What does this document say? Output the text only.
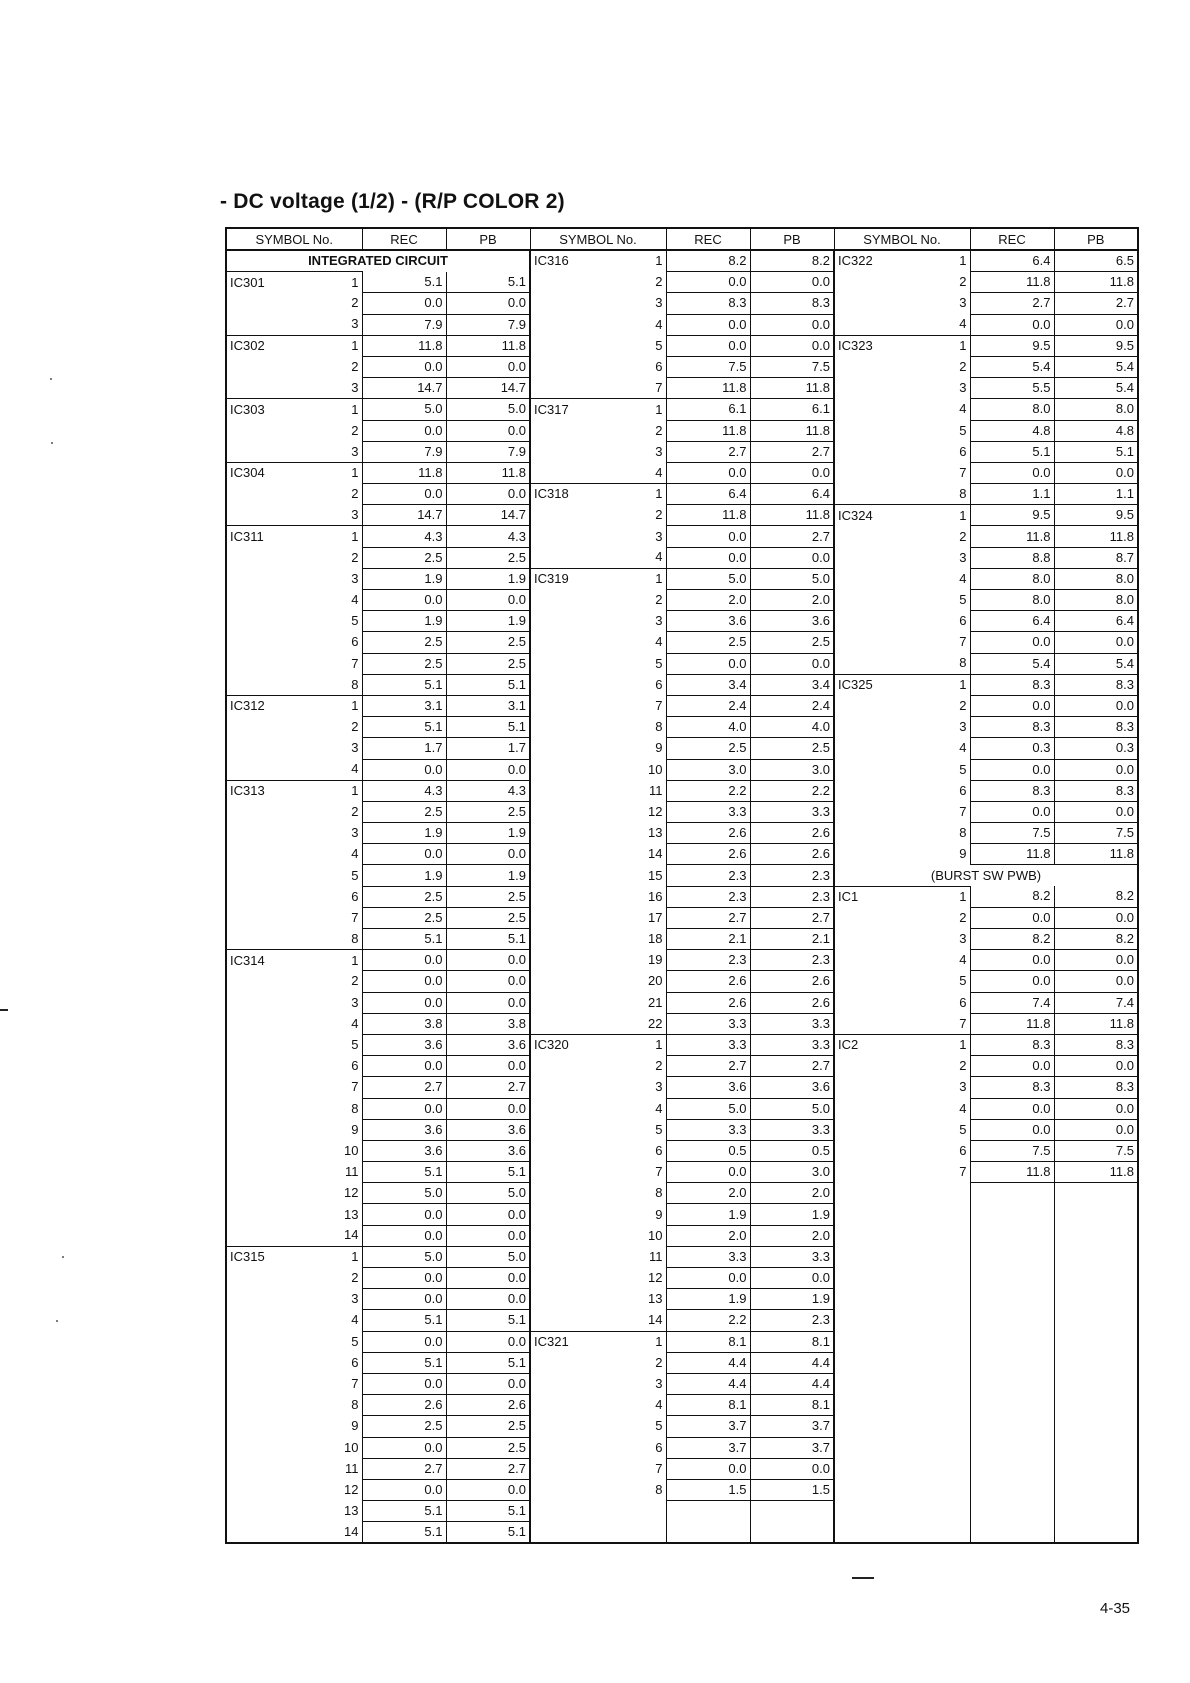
- DC voltage (1/2) - (R/P COLOR 2)
SYMBOL No.	REC	PB	SYMBOL No.	REC	PB	SYMBOL No.	REC	PB
INTEGRATED CIRCUIT			IC316 1	8.2	8.2	IC322 1	6.4	6.5

IC301 1	5.1	5.1	2	0.0	0.0	2	11.8	11.8
2	0.0	0.0	3	8.3	8.3	3	2.7	2.7
3	7.9	7.9	4	0.0	0.0	4	0.0	0.0

IC302 1	11.8	11.8	5	0.0	0.0	IC323 1	9.5	9.5
2	0.0	0.0	6	7.5	7.5	2	5.4	5.4
3	14.7	14.7	7	11.8	11.8	3	5.5	5.4

IC303 1	5.0	5.0	IC317 1	6.1	6.1	4	8.0	8.0
2	0.0	0.0	2	11.8	11.8	5	4.8	4.8
3	7.9	7.9	3	2.7	2.7	6	5.1	5.1

IC304 1	11.8	11.8	4	0.0	0.0	7	0.0	0.0
2	0.0	0.0	IC318 1	6.4	6.4	8	1.1	1.1
3	14.7	14.7	2	11.8	11.8	IC324 1	9.5	9.5

IC311 1	4.3	4.3	3	0.0	2.7	2	11.8	11.8
2	2.5	2.5	4	0.0	0.0	3	8.8	8.7
3	1.9	1.9	IC319 1	5.0	5.0	4	8.0	8.0
4	0.0	0.0	2	2.0	2.0	5	8.0	8.0
5	1.9	1.9	3	3.6	3.6	6	6.4	6.4
6	2.5	2.5	4	2.5	2.5	7	0.0	0.0
7	2.5	2.5	5	0.0	0.0	8	5.4	5.4
8	5.1	5.1	6	3.4	3.4	IC325 1	8.3	8.3

IC312 1	3.1	3.1	7	2.4	2.4	2	0.0	0.0
2	5.1	5.1	8	4.0	4.0	3	8.3	8.3
3	1.7	1.7	9	2.5	2.5	4	0.3	0.3
4	0.0	0.0	10	3.0	3.0	5	0.0	0.0

IC313 1	4.3	4.3	11	2.2	2.2	6	8.3	8.3
2	2.5	2.5	12	3.3	3.3	7	0.0	0.0
3	1.9	1.9	13	2.6	2.6	8	7.5	7.5
4	0.0	0.0	14	2.6	2.6	9	11.8	11.8
5	1.9	1.9	15	2.3	2.3	(BURST SW PWB)		
6	2.5	2.5	16	2.3	2.3	IC1 1	8.2	8.2
7	2.5	2.5	17	2.7	2.7	2	0.0	0.0
8	5.1	5.1	18	2.1	2.1	3	8.2	8.2

IC314 1	0.0	0.0	19	2.3	2.3	4	0.0	0.0
2	0.0	0.0	20	2.6	2.6	5	0.0	0.0
3	0.0	0.0	21	2.6	2.6	6	7.4	7.4
4	3.8	3.8	22	3.3	3.3	7	11.8	11.8
5	3.6	3.6	IC320 1	3.3	3.3	IC2 1	8.3	8.3
6	0.0	0.0	2	2.7	2.7	2	0.0	0.0
7	2.7	2.7	3	3.6	3.6	3	8.3	8.3
8	0.0	0.0	4	5.0	5.0	4	0.0	0.0
9	3.6	3.6	5	3.3	3.3	5	0.0	0.0
10	3.6	3.6	6	0.5	0.5	6	7.5	7.5
11	5.1	5.1	7	0.0	3.0	7	11.8	11.8
12	5.0	5.0	8	2.0	2.0			
13	0.0	0.0	9	1.9	1.9			
14	0.0	0.0	10	2.0	2.0			

IC315 1	5.0	5.0	11	3.3	3.3			
2	0.0	0.0	12	0.0	0.0			
3	0.0	0.0	13	1.9	1.9			
4	5.1	5.1	14	2.2	2.3			
5	0.0	0.0	IC321 1	8.1	8.1			
6	5.1	5.1	2	4.4	4.4			
7	0.0	0.0	3	4.4	4.4			
8	2.6	2.6	4	8.1	8.1			
9	2.5	2.5	5	3.7	3.7			
10	0.0	2.5	6	3.7	3.7			
11	2.7	2.7	7	0.0	0.0			
12	0.0	0.0	8	1.5	1.5			
13	5.1	5.1						
14	5.1	5.1						
4-35
